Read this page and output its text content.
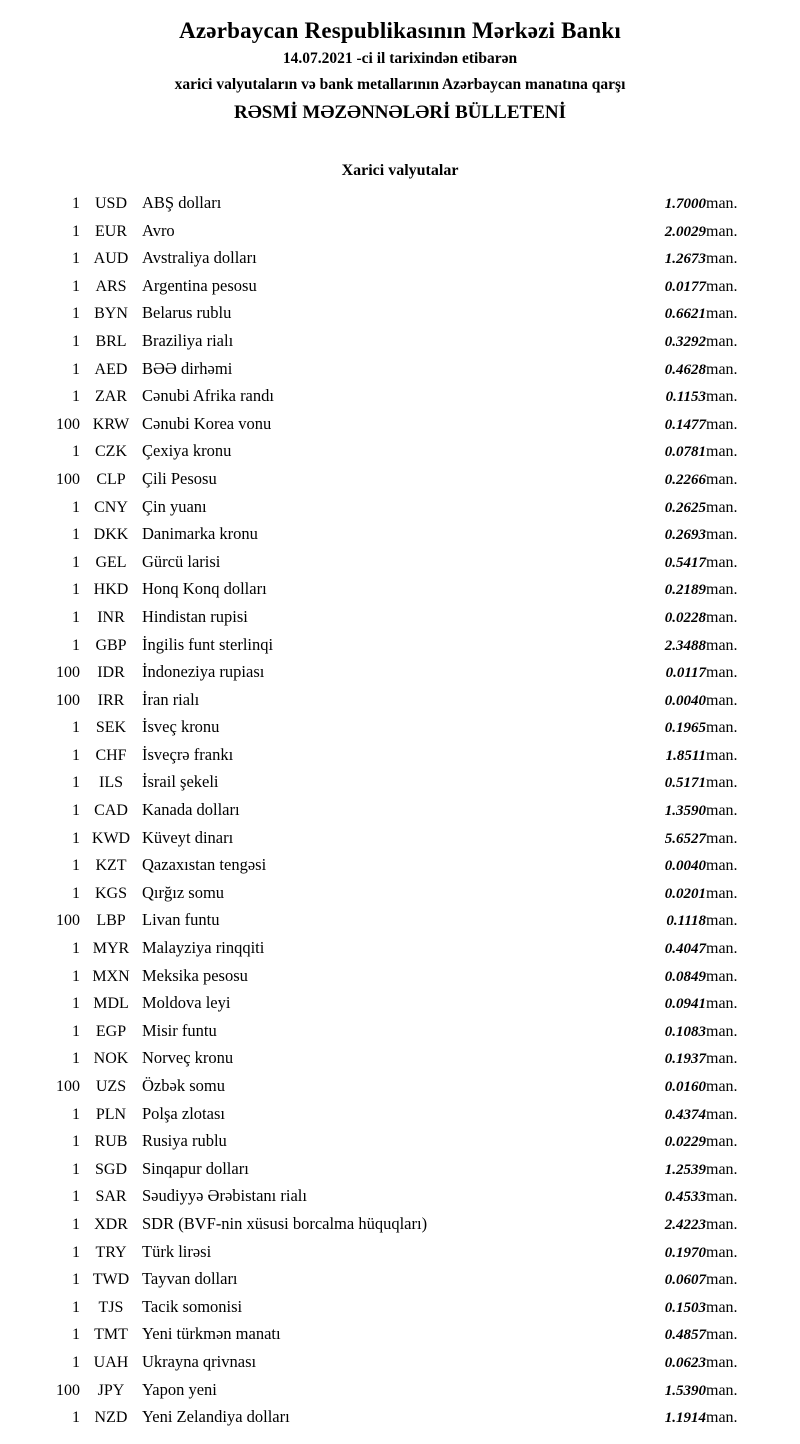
Azərbaycan Respublikasının Mərkəzi Bankı
14.07.2021 -ci il tarixindən etibarən
xarici valyutaların və bank metallarının Azərbaycan manatına qarşı
RƏSMİ MƏZƏNNƏLƏRİ BÜLLETENİ
Xarici valyutalar
1	USD	ABŞ dolları	1.7000	man.
1	EUR	Avro	2.0029	man.
1	AUD	Avstraliya dolları	1.2673	man.
1	ARS	Argentina pesosu	0.0177	man.
1	BYN	Belarus rublu	0.6621	man.
1	BRL	Braziliya rialı	0.3292	man.
1	AED	BƏƏ dirhəmi	0.4628	man.
1	ZAR	Cənubi Afrika randı	0.1153	man.
100	KRW	Cənubi Korea vonu	0.1477	man.
1	CZK	Çexiya kronu	0.0781	man.
100	CLP	Çili Pesosu	0.2266	man.
1	CNY	Çin yuanı	0.2625	man.
1	DKK	Danimarka kronu	0.2693	man.
1	GEL	Gürcü larisi	0.5417	man.
1	HKD	Honq Konq dolları	0.2189	man.
1	INR	Hindistan rupisi	0.0228	man.
1	GBP	İngilis funt sterlinqi	2.3488	man.
100	IDR	İndoneziya rupiası	0.0117	man.
100	IRR	İran rialı	0.0040	man.
1	SEK	İsveç kronu	0.1965	man.
1	CHF	İsveçrə frankı	1.8511	man.
1	ILS	İsrail şekeli	0.5171	man.
1	CAD	Kanada dolları	1.3590	man.
1	KWD	Küveyt dinarı	5.6527	man.
1	KZT	Qazaxıstan tengəsi	0.0040	man.
1	KGS	Qırğız somu	0.0201	man.
100	LBP	Livan funtu	0.1118	man.
1	MYR	Malayziya rinqqiti	0.4047	man.
1	MXN	Meksika pesosu	0.0849	man.
1	MDL	Moldova leyi	0.0941	man.
1	EGP	Misir funtu	0.1083	man.
1	NOK	Norveç kronu	0.1937	man.
100	UZS	Özbək somu	0.0160	man.
1	PLN	Polşa zlotası	0.4374	man.
1	RUB	Rusiya rublu	0.0229	man.
1	SGD	Sinqapur dolları	1.2539	man.
1	SAR	Səudiyyə Ərəbistanı rialı	0.4533	man.
1	XDR	SDR (BVF-nin xüsusi borcalma hüquqları)	2.4223	man.
1	TRY	Türk lirəsi	0.1970	man.
1	TWD	Tayvan dolları	0.0607	man.
1	TJS	Tacik somonisi	0.1503	man.
1	TMT	Yeni türkmən manatı	0.4857	man.
1	UAH	Ukrayna qrivnası	0.0623	man.
100	JPY	Yapon yeni	1.5390	man.
1	NZD	Yeni Zelandiya dolları	1.1914	man.
